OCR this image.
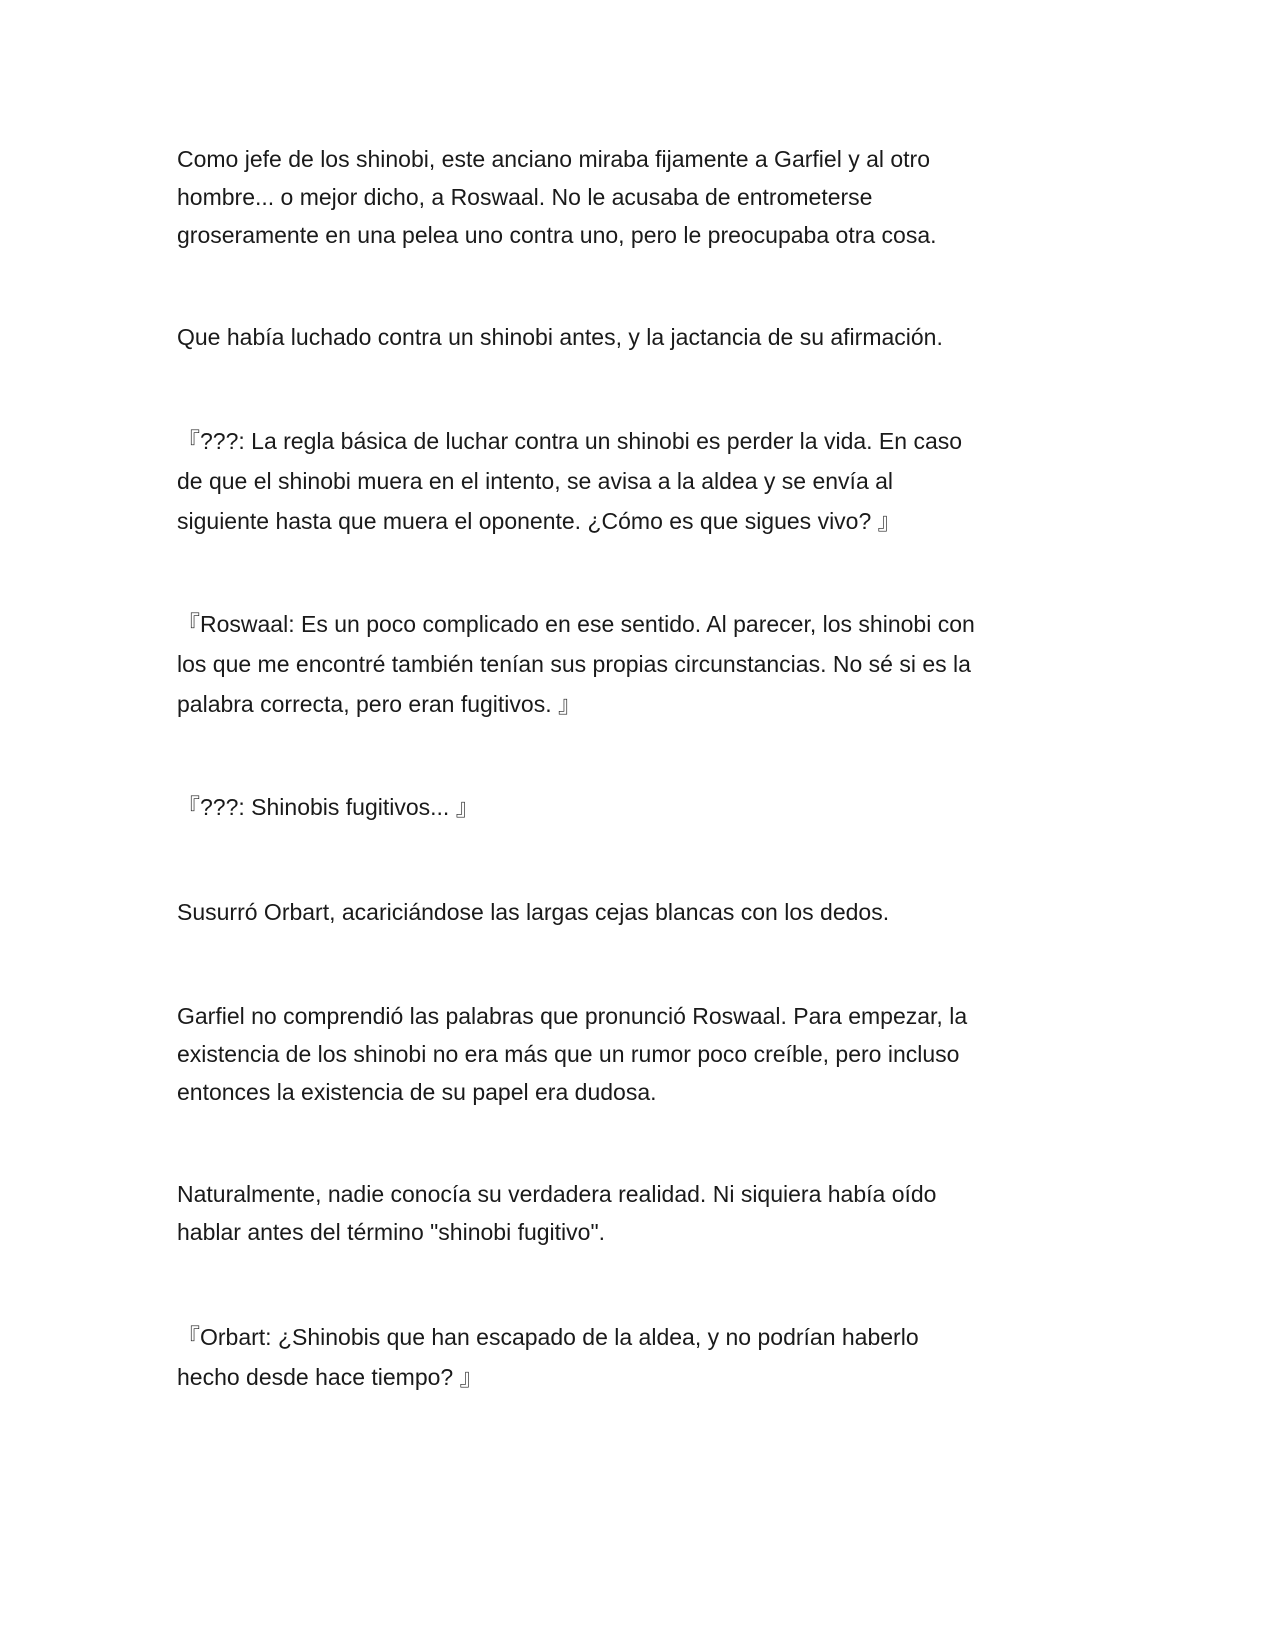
Como jefe de los shinobi, este anciano miraba fijamente a Garfiel y al otro
hombre... o mejor dicho, a Roswaal. No le acusaba de entrometerse
groseramente en una pelea uno contra uno, pero le preocupaba otra cosa.

Que había luchado contra un shinobi antes, y la jactancia de su afirmación.

『???: La regla básica de luchar contra un shinobi es perder la vida. En caso
de que el shinobi muera en el intento, se avisa a la aldea y se envía al
siguiente hasta que muera el oponente. ¿Cómo es que sigues vivo? 』

『Roswaal: Es un poco complicado en ese sentido. Al parecer, los shinobi con
los que me encontré también tenían sus propias circunstancias. No sé si es la
palabra correcta, pero eran fugitivos. 』

『???: Shinobis fugitivos... 』

Susurró Orbart, acariciándose las largas cejas blancas con los dedos.

Garfiel no comprendió las palabras que pronunció Roswaal. Para empezar, la
existencia de los shinobi no era más que un rumor poco creíble, pero incluso
entonces la existencia de su papel era dudosa.

Naturalmente, nadie conocía su verdadera realidad. Ni siquiera había oído
hablar antes del término "shinobi fugitivo".

『Orbart: ¿Shinobis que han escapado de la aldea, y no podrían haberlo
hecho desde hace tiempo? 』
